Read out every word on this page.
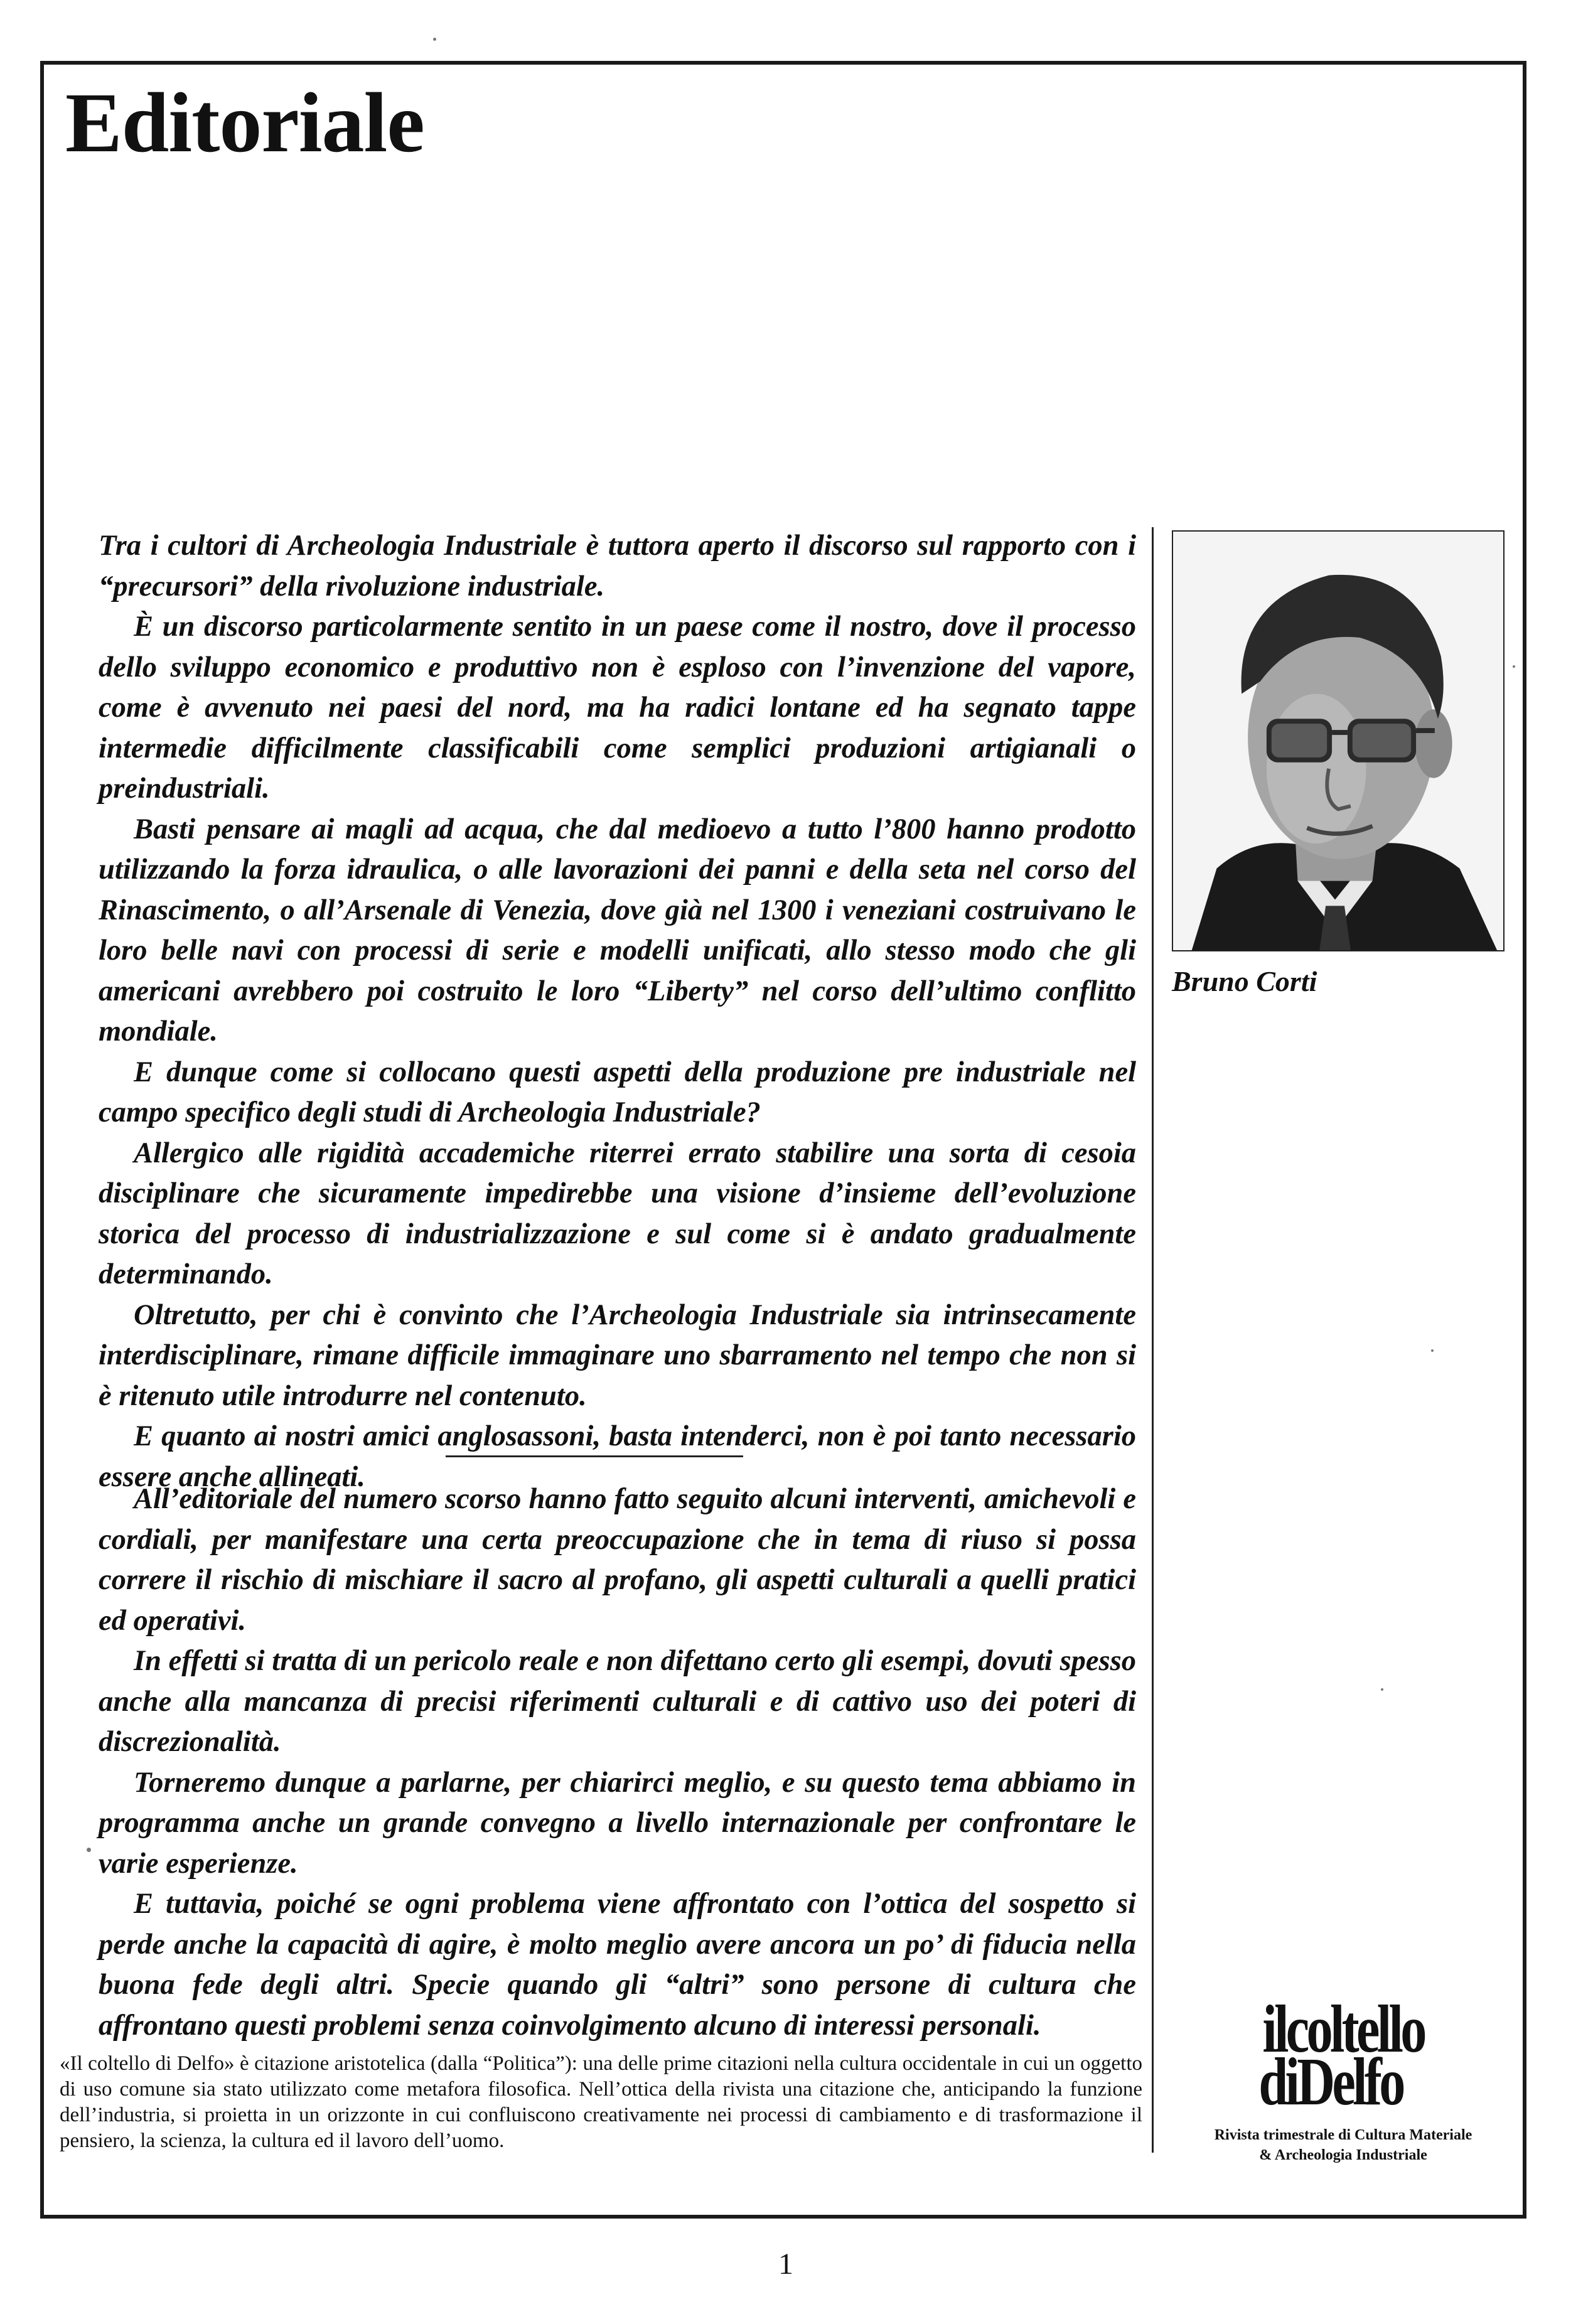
Editoriale
Bruno Corti

Tra i cultori di Archeologia Industriale è tuttora aperto il discorso sul rapporto con i “precursori” della rivoluzione industriale.

È un discorso particolarmente sentito in un paese come il nostro, dove il processo dello sviluppo economico e produttivo non è esploso con l’invenzione del vapore, come è avvenuto nei paesi del nord, ma ha radici lontane ed ha segnato tappe intermedie difficilmente classificabili come semplici produzioni artigianali o preindustriali.

Basti pensare ai magli ad acqua, che dal medioevo a tutto l’800 hanno prodotto utilizzando la forza idraulica, o alle lavorazioni dei panni e della seta nel corso del Rinascimento, o all’Arsenale di Venezia, dove già nel 1300 i veneziani costruivano le loro belle navi con processi di serie e modelli unificati, allo stesso modo che gli americani avrebbero poi costruito le loro “Liberty” nel corso dell’ultimo conflitto mondiale.

E dunque come si collocano questi aspetti della produzione pre industriale nel campo specifico degli studi di Archeologia Industriale?

Allergico alle rigidità accademiche riterrei errato stabilire una sorta di cesoia disciplinare che sicuramente impedirebbe una visione d’insieme dell’evoluzione storica del processo di industrializzazione e sul come si è andato gradualmente determinando.

Oltretutto, per chi è convinto che l’Archeologia Industriale sia intrinsecamente interdisciplinare, rimane difficile immaginare uno sbarramento nel tempo che non si è ritenuto utile introdurre nel contenuto.

E quanto ai nostri amici anglosassoni, basta intenderci, non è poi tanto necessario essere anche allineati.

All’editoriale del numero scorso hanno fatto seguito alcuni interventi, amichevoli e cordiali, per manifestare una certa preoccupazione che in tema di riuso si possa correre il rischio di mischiare il sacro al profano, gli aspetti culturali a quelli pratici ed operativi.

In effetti si tratta di un pericolo reale e non difettano certo gli esempi, dovuti spesso anche alla mancanza di precisi riferimenti culturali e di cattivo uso dei poteri di discrezionalità.

Torneremo dunque a parlarne, per chiarirci meglio, e su questo tema abbiamo in programma anche un grande convegno a livello internazionale per confrontare le varie esperienze.

E tuttavia, poiché se ogni problema viene affrontato con l’ottica del sospetto si perde anche la capacità di agire, è molto meglio avere ancora un po’ di fiducia nella buona fede degli altri. Specie quando gli “altri” sono persone di cultura che affrontano questi problemi senza coinvolgimento alcuno di interessi personali.

«Il coltello di Delfo» è citazione aristotelica (dalla “Politica”): una delle prime citazioni nella cultura occidentale in cui un oggetto di uso comune sia stato utilizzato come metafora filosofica. Nell’ottica della rivista una citazione che, anticipando la funzione dell’industria, si proietta in un orizzonte in cui confluiscono creativamente nei processi di cambiamento e di trasformazione il pensiero, la scienza, la cultura ed il lavoro dell’uomo.
ilcoltello
diDelfo
Rivista trimestrale di Cultura Materiale
& Archeologia Industriale
1
